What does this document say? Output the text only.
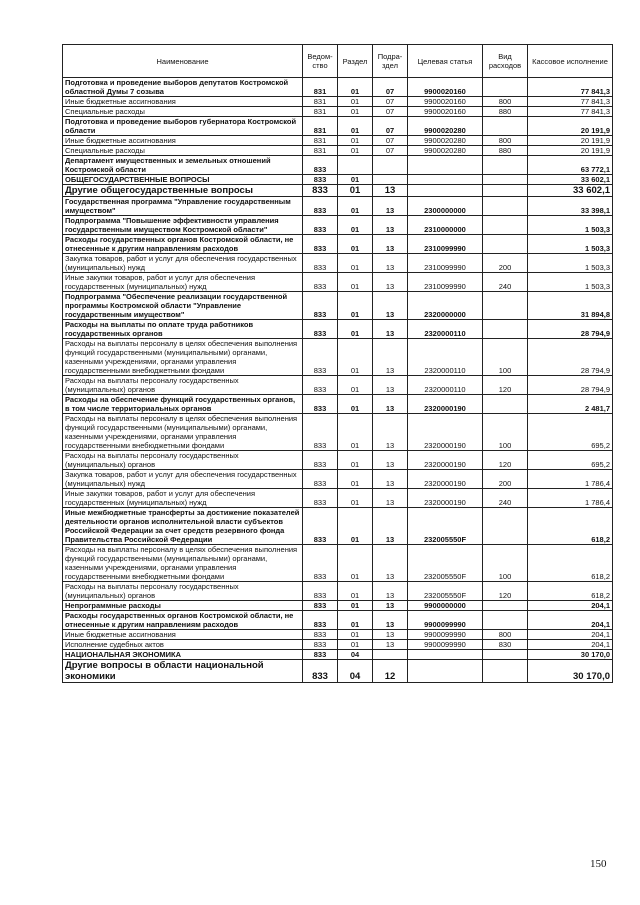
Наименование	Ведом-ство	Раздел	Подра-здел	Целевая статья	Вид расходов	Кассовое исполнение
Подготовка и проведение выборов депутатов Костромской областной Думы 7 созыва	831	01	07	9900020160		77 841,3
Иные бюджетные ассигнования	831	01	07	9900020160	800	77 841,3
Специальные расходы	831	01	07	9900020160	880	77 841,3
Подготовка и проведение выборов губернатора Костромской области	831	01	07	9900020280		20 191,9
Иные бюджетные ассигнования	831	01	07	9900020280	800	20 191,9
Специальные расходы	831	01	07	9900020280	880	20 191,9
Департамент имущественных и земельных отношений Костромской области	833					63 772,1
ОБЩЕГОСУДАРСТВЕННЫЕ ВОПРОСЫ	833	01				33 602,1
Другие общегосударственные вопросы	833	01	13			33 602,1
Государственная программа "Управление государственным имуществом"	833	01	13	2300000000		33 398,1
Подпрограмма "Повышение эффективности управления государственным имуществом Костромской области"	833	01	13	2310000000		1 503,3
Расходы государственных органов Костромской области, не отнесенные к другим направлениям расходов	833	01	13	2310099990		1 503,3
Закупка товаров, работ и услуг для обеспечения государственных (муниципальных) нужд	833	01	13	2310099990	200	1 503,3
Иные закупки товаров, работ и услуг для обеспечения государственных (муниципальных) нужд	833	01	13	2310099990	240	1 503,3
Подпрограмма "Обеспечение реализации государственной программы Костромской области "Управление государственным имуществом"	833	01	13	2320000000		31 894,8
Расходы на выплаты по оплате труда работников государственных органов	833	01	13	2320000110		28 794,9
Расходы на выплаты персоналу в целях обеспечения выполнения функций государственными (муниципальными) органами, казенными учреждениями, органами управления государственными внебюджетными фондами	833	01	13	2320000110	100	28 794,9
Расходы на выплаты персоналу государственных (муниципальных) органов	833	01	13	2320000110	120	28 794,9
Расходы на обеспечение функций государственных органов, в том числе территориальных органов	833	01	13	2320000190		2 481,7
Расходы на выплаты персоналу в целях обеспечения выполнения функций государственными (муниципальными) органами, казенными учреждениями, органами управления государственными внебюджетными фондами	833	01	13	2320000190	100	695,2
Расходы на выплаты персоналу государственных (муниципальных) органов	833	01	13	2320000190	120	695,2
Закупка товаров, работ и услуг для обеспечения государственных (муниципальных) нужд	833	01	13	2320000190	200	1 786,4
Иные закупки товаров, работ и услуг для обеспечения государственных (муниципальных) нужд	833	01	13	2320000190	240	1 786,4
Иные межбюджетные трансферты за достижение показателей деятельности органов исполнительной власти субъектов Российской Федерации за счет средств резервного фонда Правительства Российской Федерации	833	01	13	232005550F		618,2
Расходы на выплаты персоналу в целях обеспечения выполнения функций государственными (муниципальными) органами, казенными учреждениями, органами управления государственными внебюджетными фондами	833	01	13	232005550F	100	618,2
Расходы на выплаты персоналу государственных (муниципальных) органов	833	01	13	232005550F	120	618,2
Непрограммные расходы	833	01	13	9900000000		204,1
Расходы государственных органов Костромской области, не отнесенные к другим направлениям расходов	833	01	13	9900099990		204,1
Иные бюджетные ассигнования	833	01	13	9900099990	800	204,1
Исполнение судебных актов	833	01	13	9900099990	830	204,1
НАЦИОНАЛЬНАЯ ЭКОНОМИКА	833	04				30 170,0
Другие вопросы в области национальной экономики	833	04	12			30 170,0
150
